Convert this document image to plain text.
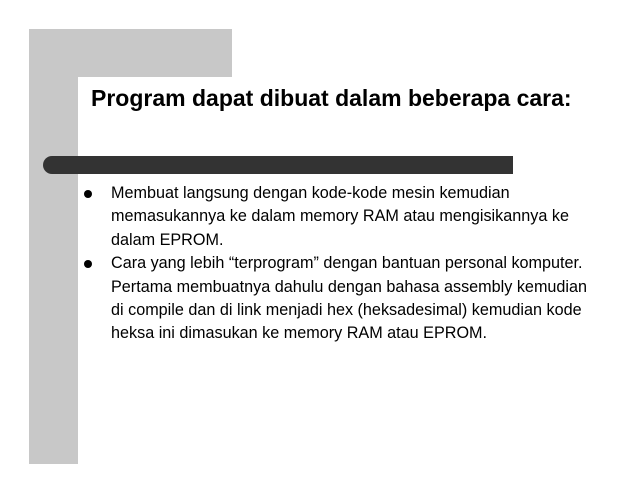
Program dapat dibuat dalam beberapa cara:
Membuat langsung dengan kode-kode mesin kemudian memasukannya ke dalam memory RAM atau mengisikannya ke dalam EPROM.
Cara yang lebih “terprogram” dengan bantuan personal komputer. Pertama membuatnya dahulu dengan bahasa assembly kemudian di compile dan di link menjadi hex (heksadesimal) kemudian kode heksa ini dimasukan ke memory RAM atau EPROM.
